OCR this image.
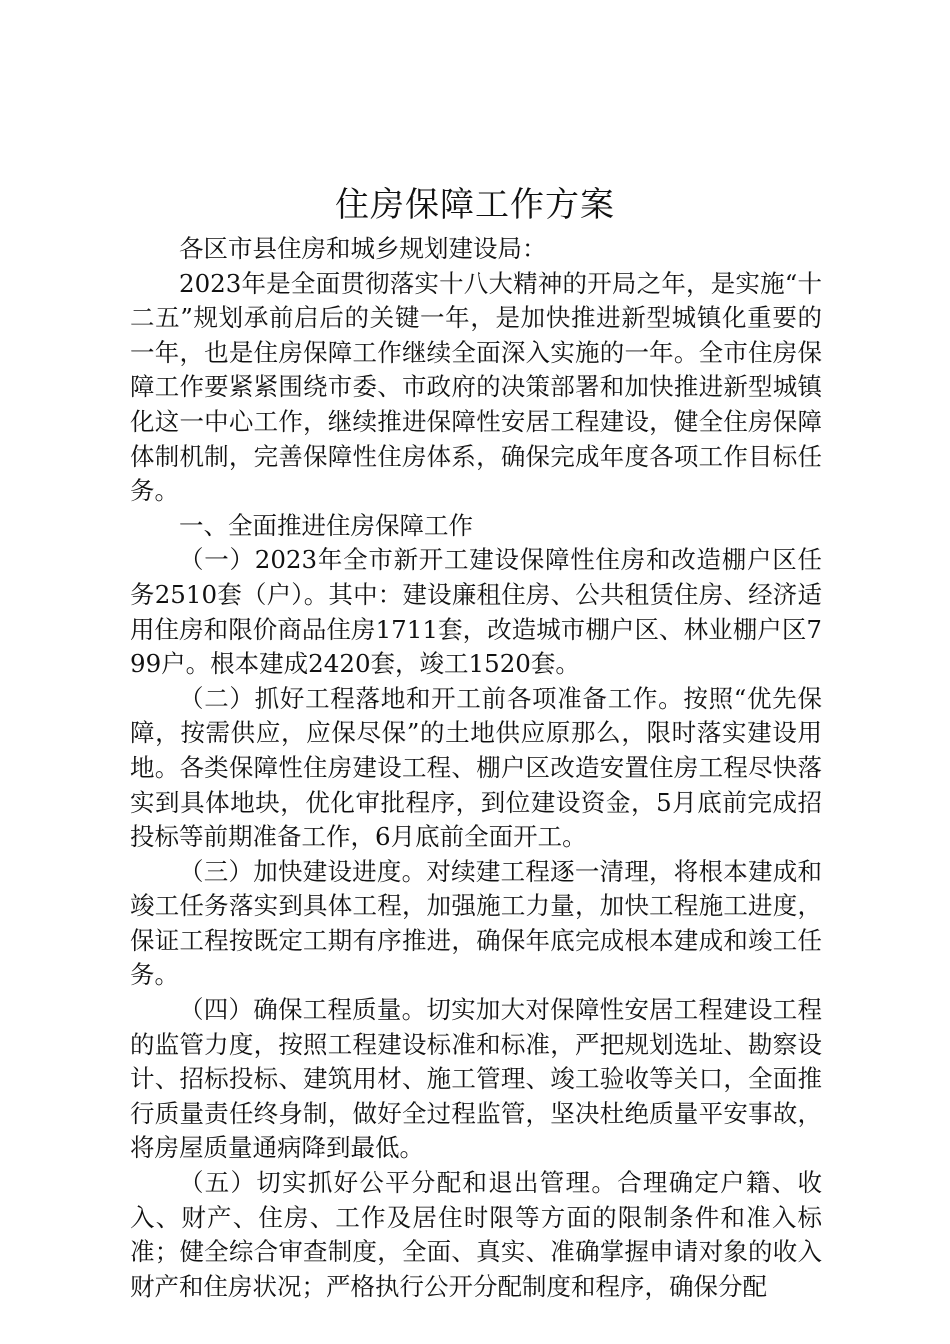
住房保障工作方案

各区市县住房和城乡规划建设局：

2023年是全面贯彻落实十八大精神的开局之年，是实施“十二五”规划承前启后的关键一年，是加快推进新型城镇化重要的一年，也是住房保障工作继续全面深入实施的一年。全市住房保障工作要紧紧围绕市委、市政府的决策部署和加快推进新型城镇化这一中心工作，继续推进保障性安居工程建设，健全住房保障体制机制，完善保障性住房体系，确保完成年度各项工作目标任务。

一、全面推进住房保障工作

（一）2023年全市新开工建设保障性住房和改造棚户区任务2510套（户）。其中：建设廉租住房、公共租赁住房、经济适用住房和限价商品住房1711套，改造城市棚户区、林业棚户区799户。根本建成2420套，竣工1520套。

（二）抓好工程落地和开工前各项准备工作。按照“优先保障，按需供应，应保尽保”的土地供应原那么，限时落实建设用地。各类保障性住房建设工程、棚户区改造安置住房工程尽快落实到具体地块，优化审批程序，到位建设资金，5月底前完成招投标等前期准备工作，6月底前全面开工。

（三）加快建设进度。对续建工程逐一清理，将根本建成和竣工任务落实到具体工程，加强施工力量，加快工程施工进度，保证工程按既定工期有序推进，确保年底完成根本建成和竣工任务。

（四）确保工程质量。切实加大对保障性安居工程建设工程的监管力度，按照工程建设标准和标准，严把规划选址、勘察设计、招标投标、建筑用材、施工管理、竣工验收等关口，全面推行质量责任终身制，做好全过程监管，坚决杜绝质量平安事故，将房屋质量通病降到最低。

（五）切实抓好公平分配和退出管理。合理确定户籍、收入、财产、住房、工作及居住时限等方面的限制条件和准入标准；健全综合审查制度，全面、真实、准确掌握申请对象的收入财产和住房状况；严格执行公开分配制度和程序，确保分配
